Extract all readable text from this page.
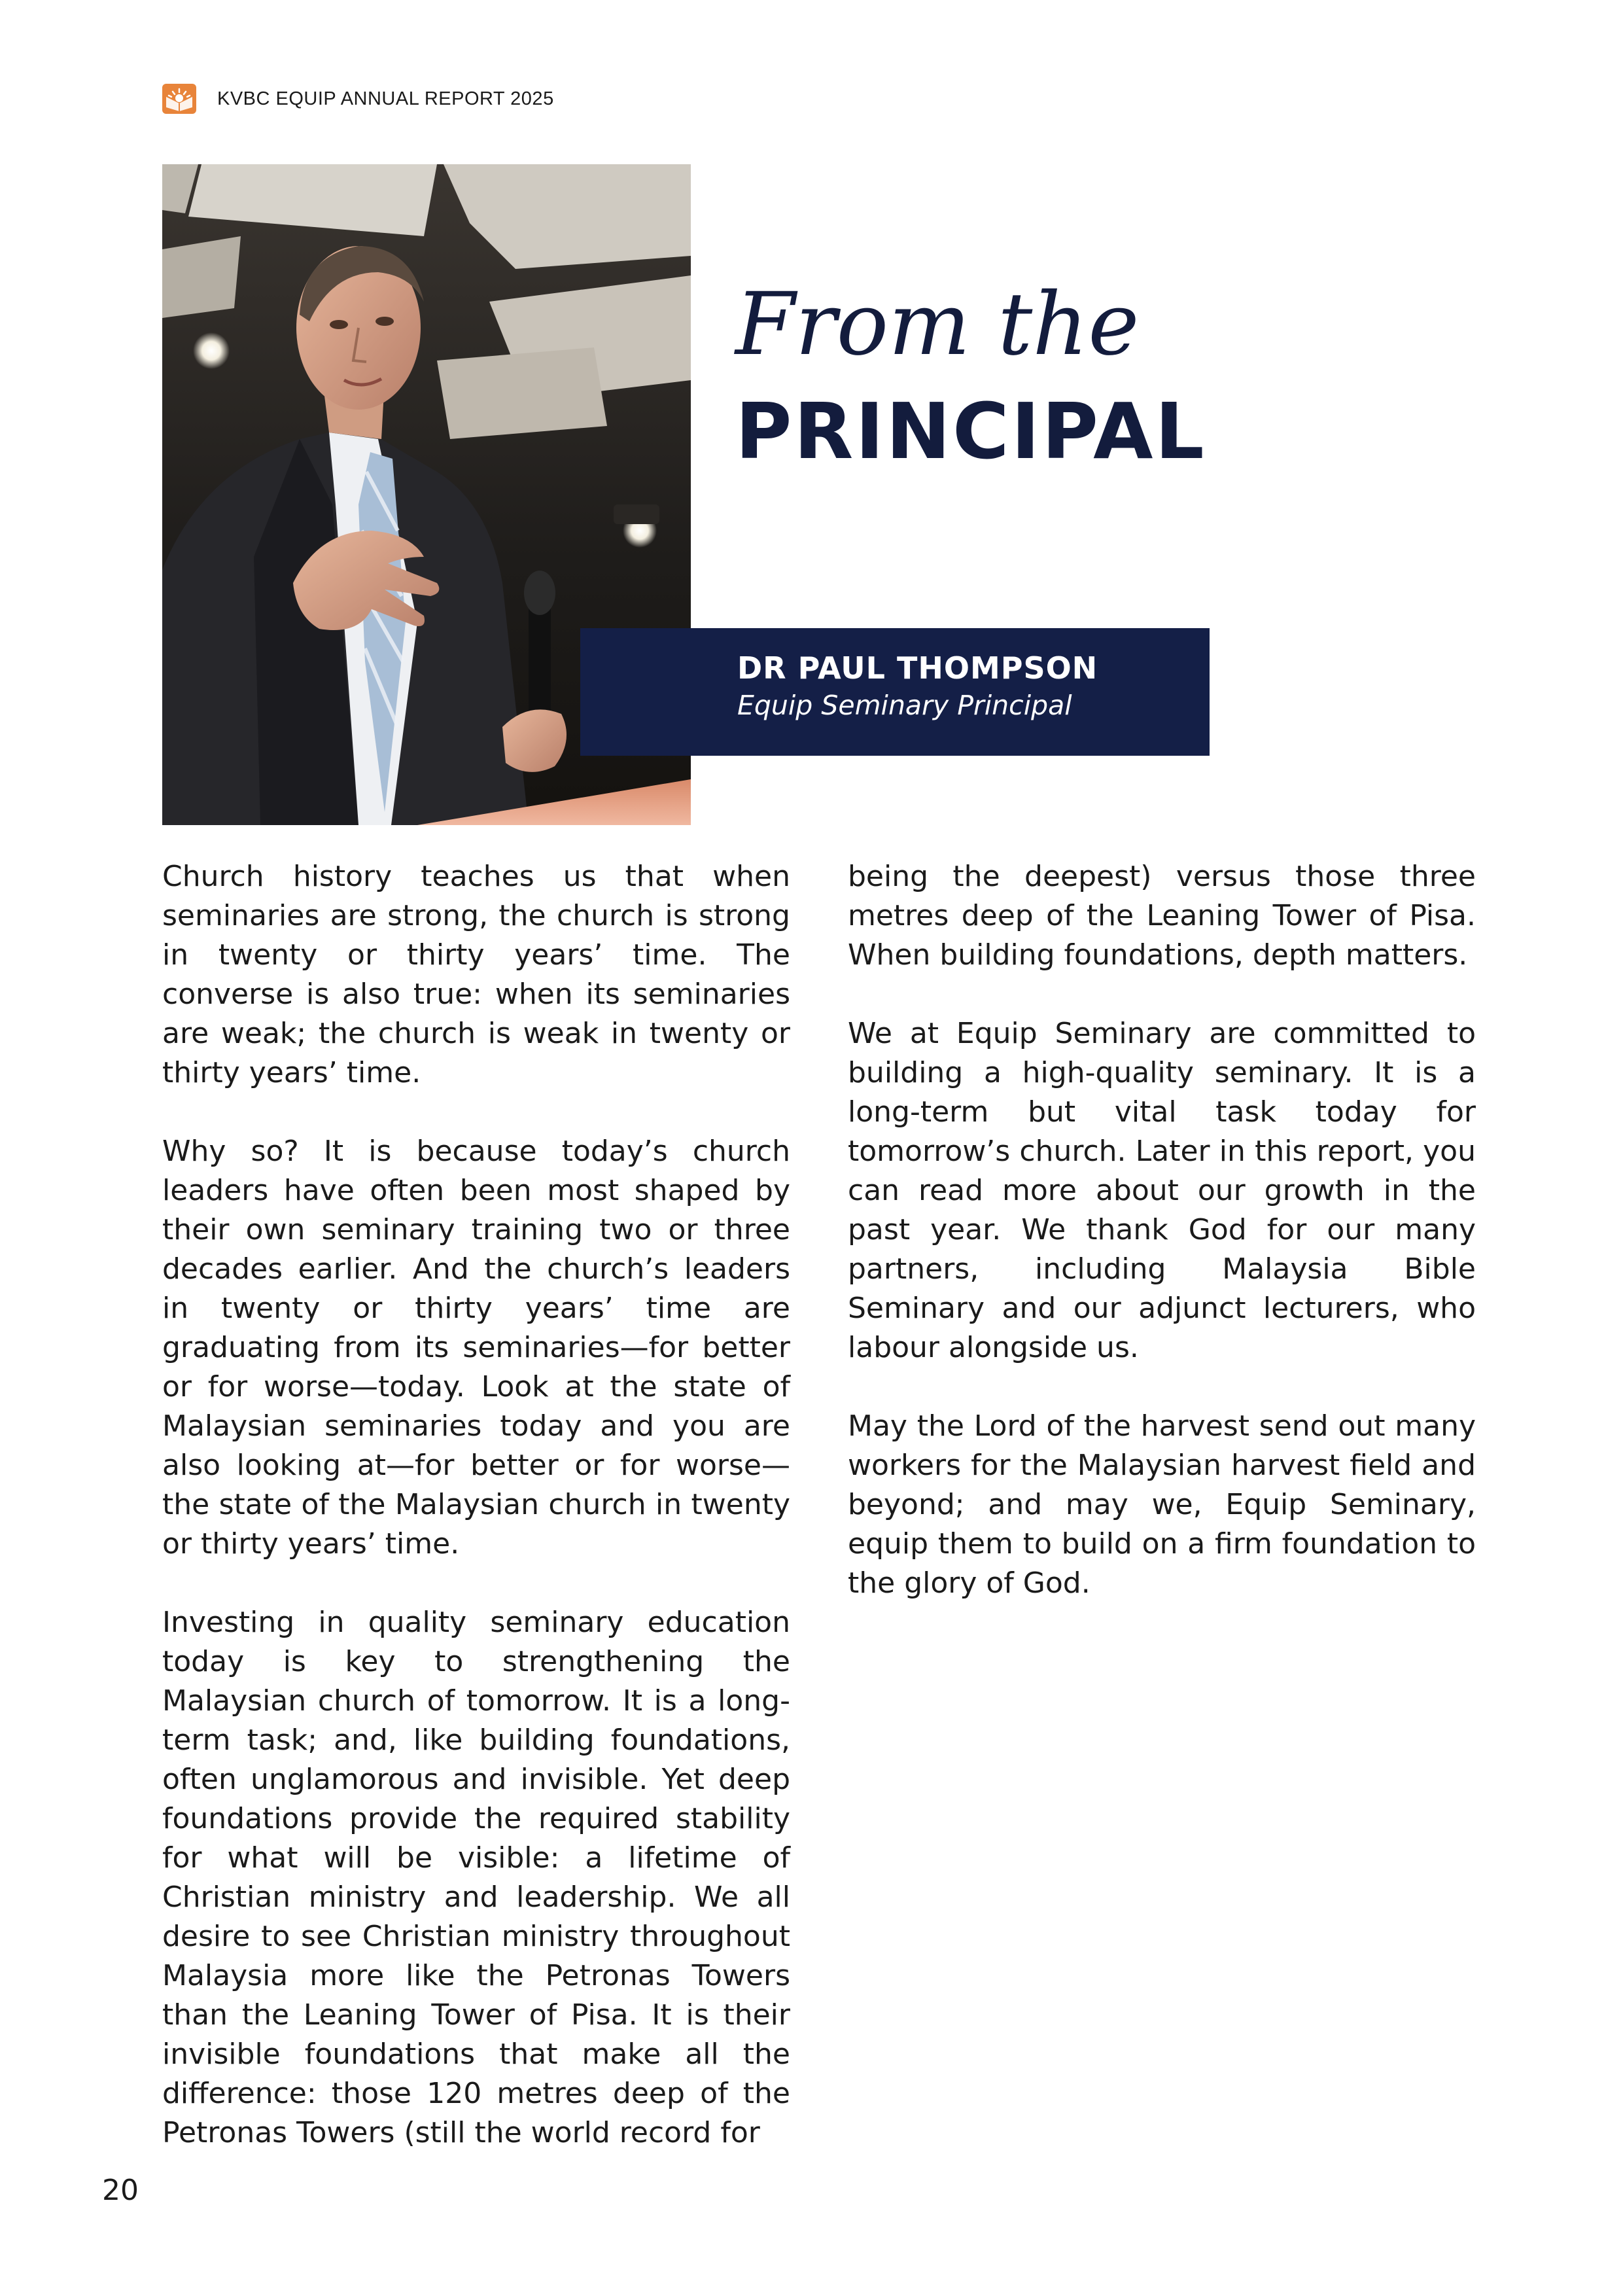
KVBC EQUIP ANNUAL REPORT 2025
From the
PRINCIPAL
DR PAUL THOMPSON
Equip Seminary Principal

Church history teaches us that when seminaries are strong, the church is strong in twenty or thirty years’ time. The converse is also true: when its seminaries are weak; the church is weak in twenty or thirty years’ time.

Why so? It is because today’s church leaders have often been most shaped by their own seminary training two or three decades earlier. And the church’s leaders in twenty or thirty years’ time are graduating from its seminaries—for better or for worse—today. Look at the state of Malaysian seminaries today and you are also looking at—for better or for worse—the state of the Malaysian church in twenty or thirty years’ time.

Investing in quality seminary education today is key to strengthening the Malaysian church of tomorrow. It is a long-term task; and, like building foundations, often unglamorous and invisible. Yet deep foundations provide the required stability for what will be visible: a lifetime of Christian ministry and leadership. We all desire to see Christian ministry throughout Malaysia more like the Petronas Towers than the Leaning Tower of Pisa. It is their invisible foundations that make all the difference: those 120 metres deep of the Petronas Towers (still the world record for

being the deepest) versus those three metres deep of the Leaning Tower of Pisa. When building foundations, depth matters.

We at Equip Seminary are committed to building a high-quality seminary. It is a long-term but vital task today for tomorrow’s church. Later in this report, you can read more about our growth in the past year. We thank God for our many partners, including Malaysia Bible Seminary and our adjunct lecturers, who labour alongside us.

May the Lord of the harvest send out many workers for the Malaysian harvest field and beyond; and may we, Equip Seminary, equip them to build on a firm foundation to the glory of God.

20
